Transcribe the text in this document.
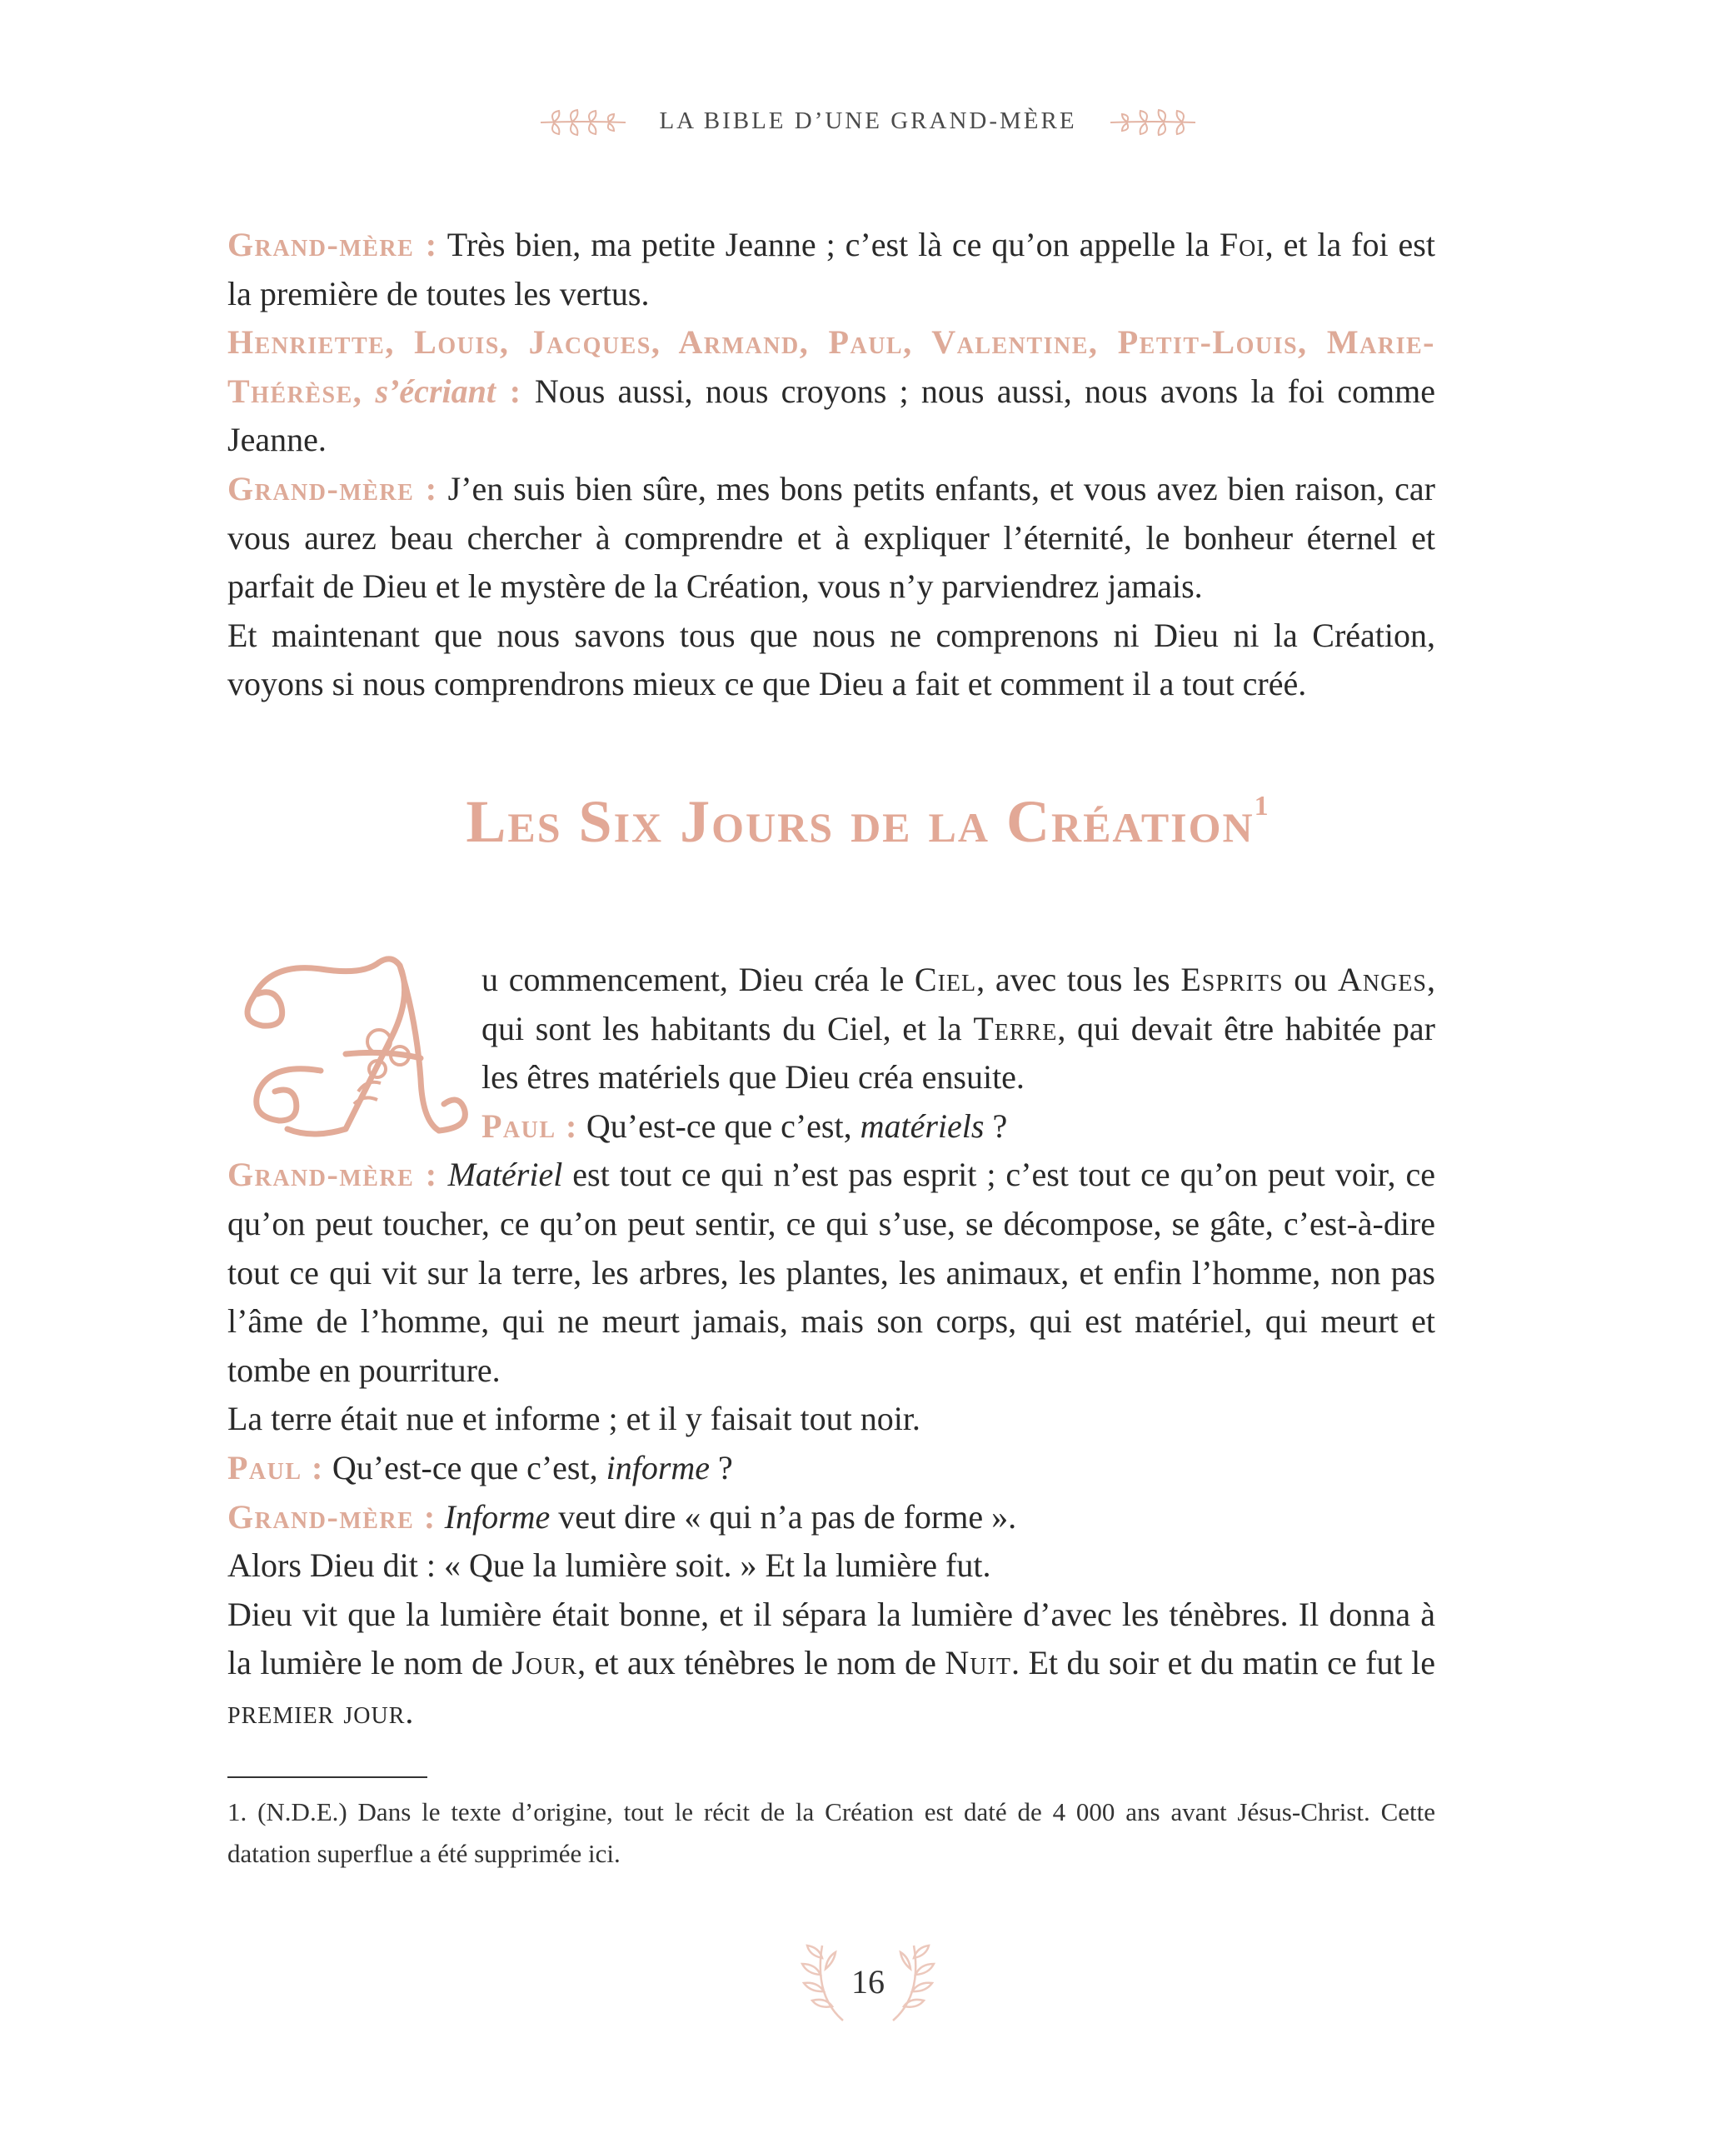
LA BIBLE D’UNE GRAND-MÈRE

Grand-mère : Très bien, ma petite Jeanne ; c’est là ce qu’on appelle la Foi, et la foi est la première de toutes les vertus.

Henriette, Louis, Jacques, Armand, Paul, Valentine, Petit-Louis, Marie-Thérèse, s’écriant : Nous aussi, nous croyons ; nous aussi, nous avons la foi comme Jeanne.

Grand-mère : J’en suis bien sûre, mes bons petits enfants, et vous avez bien raison, car vous aurez beau chercher à comprendre et à expliquer l’éternité, le bonheur éternel et parfait de Dieu et le mystère de la Création, vous n’y parviendrez jamais.

Et maintenant que nous savons tous que nous ne comprenons ni Dieu ni la Création, voyons si nous comprendrons mieux ce que Dieu a fait et comment il a tout créé.

Les Six Jours de la Création$^1$

u commencement, Dieu créa le Ciel, avec tous les Esprits ou Anges, qui sont les habitants du Ciel, et la Terre, qui devait être habitée par les êtres matériels que Dieu créa ensuite.

Paul : Qu’est-ce que c’est, matériels ?

Grand-mère : Matériel est tout ce qui n’est pas esprit ; c’est tout ce qu’on peut voir, ce qu’on peut toucher, ce qu’on peut sentir, ce qui s’use, se décompose, se gâte, c’est-à-dire tout ce qui vit sur la terre, les arbres, les plantes, les animaux, et enfin l’homme, non pas l’âme de l’homme, qui ne meurt jamais, mais son corps, qui est matériel, qui meurt et tombe en pourriture.

La terre était nue et informe ; et il y faisait tout noir.

Paul : Qu’est-ce que c’est, informe ?

Grand-mère : Informe veut dire « qui n’a pas de forme ».

Alors Dieu dit : « Que la lumière soit. » Et la lumière fut.

Dieu vit que la lumière était bonne, et il sépara la lumière d’avec les ténèbres. Il donna à la lumière le nom de Jour, et aux ténèbres le nom de Nuit. Et du soir et du matin ce fut le premier jour.

1. (N.D.E.) Dans le texte d’origine, tout le récit de la Création est daté de 4 000 ans avant Jésus-Christ. Cette datation superflue a été supprimée ici.

16
